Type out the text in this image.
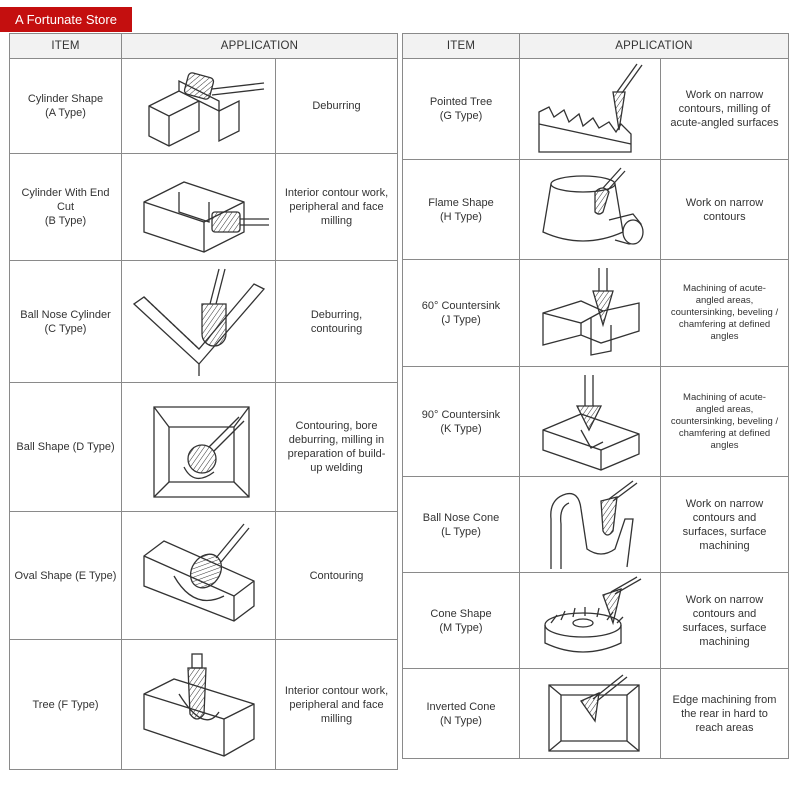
A Fortunate Store
ITEM	APPLICATION	

Cylinder Shape
(A Type)		Deburring

Cylinder With End Cut
(B Type)		Interior contour work, peripheral and face milling

Ball Nose Cylinder
(C Type)		Deburring, contouring

Ball Shape (D Type)		Contouring, bore deburring, milling in preparation of build-up welding

Oval Shape (E Type)		Contouring

Tree (F Type)		Interior contour work, peripheral and face milling
ITEM	APPLICATION	

Pointed Tree
(G Type)		Work on narrow contours, milling of acute-angled surfaces

Flame Shape
(H Type)		Work on narrow contours

60° Countersink
(J Type)		Machining of acute-angled areas, countersinking, beveling / chamfering at defined angles

90° Countersink
(K Type)		Machining of acute-angled areas, countersinking, beveling / chamfering at defined angles

Ball Nose Cone
(L Type)		Work on narrow contours and surfaces, surface machining

Cone Shape
(M Type)		Work on narrow contours and surfaces, surface machining

Inverted Cone
(N Type)		Edge machining from the rear in hard to reach areas
